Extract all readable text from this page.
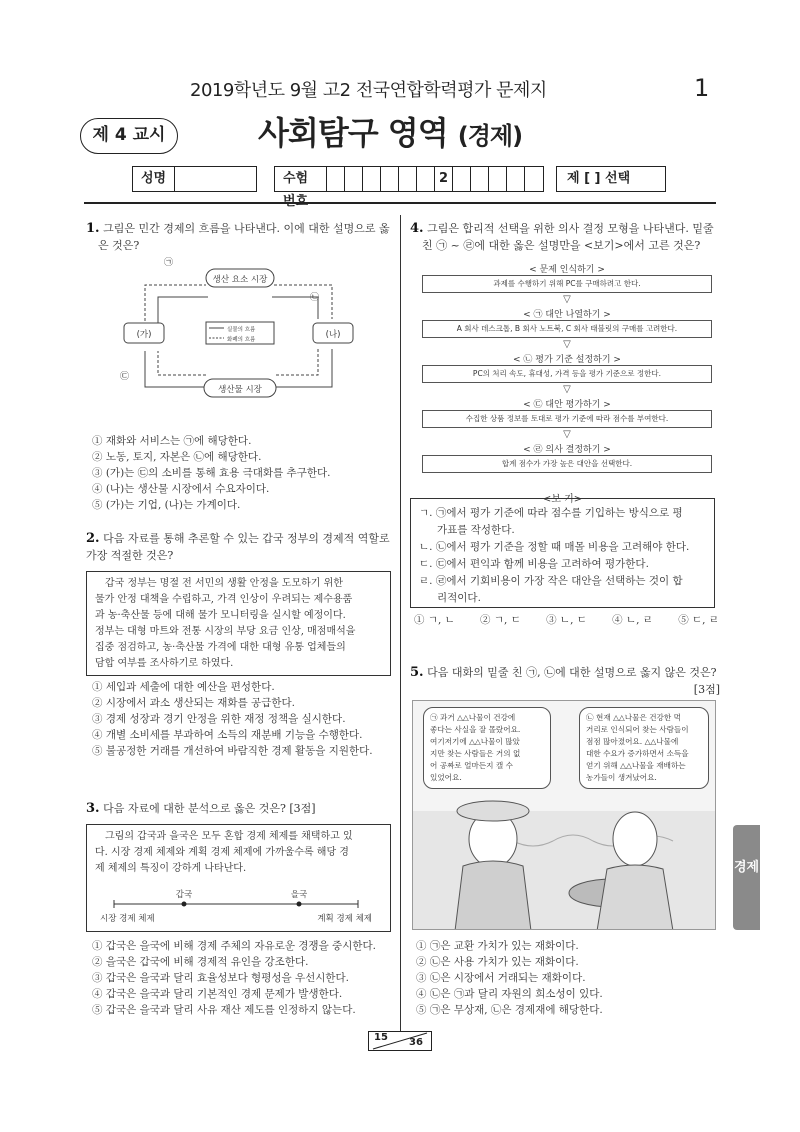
2019학년도 9월 고2 전국연합학력평가 문제지	1
제 4 교시	사회탐구 영역 (경제)
성명	수험	2	제 [ ] 선택
1. 그림은 민간 경제의 흐름을 나타낸다. 이에 대한 설명으로 옳
은 것은?
생산 요소 시장
생산물 시장
(가)	(나)
㉠
㉡
㉢
실물의 흐름
화폐의 흐름
① 재화와 서비스는 ㉠에 해당한다.
② 노동, 토지, 자본은 ㉡에 해당한다.
③ (가)는 ㉢의 소비를 통해 효용 극대화를 추구한다.
④ (나)는 생산물 시장에서 수요자이다.
⑤ (가)는 기업, (나)는 가계이다.
2. 다음 자료를 통해 추론할 수 있는 갑국 정부의 경제적 역할로
가장 적절한 것은?
갑국 정부는 명절 전 서민의 생활 안정을 도모하기 위한
물가 안정 대책을 수립하고, 가격 인상이 우려되는 제수용품
과 농·축산물 등에 대해 물가 모니터링을 실시할 예정이다.
정부는 대형 마트와 전통 시장의 부당 요금 인상, 매점매석을
집중 점검하고, 농·축산물 가격에 대한 대형 유통 업체들의
담합 여부를 조사하기로 하였다.
① 세입과 세출에 대한 예산을 편성한다.
② 시장에서 과소 생산되는 재화를 공급한다.
③ 경제 성장과 경기 안정을 위한 재정 정책을 실시한다.
④ 개별 소비세를 부과하여 소득의 재분배 기능을 수행한다.
⑤ 불공정한 거래를 개선하여 바람직한 경제 활동을 지원한다.
3. 다음 자료에 대한 분석으로 옳은 것은? [3점]
그림의 갑국과 을국은 모두 혼합 경제 체제를 채택하고 있
다. 시장 경제 체제와 계획 경제 체제에 가까울수록 해당 경
제 체제의 특징이 강하게 나타난다.
갑국	을국
시장 경제 체제	계획 경제 체제
① 갑국은 을국에 비해 경제 주체의 자유로운 경쟁을 중시한다.
② 을국은 갑국에 비해 경제적 유인을 강조한다.
③ 갑국은 을국과 달리 효율성보다 형평성을 우선시한다.
④ 갑국은 을국과 달리 기본적인 경제 문제가 발생한다.
⑤ 갑국은 을국과 달리 사유 재산 제도를 인정하지 않는다.
4. 그림은 합리적 선택을 위한 의사 결정 모형을 나타낸다. 밑줄
친 ㉠ ~ ㉣에 대한 옳은 설명만을 <보기>에서 고른 것은?
< 문제 인식하기 >
과제를 수행하기 위해 PC를 구매하려고 한다.
▽
< ㉠ 대안 나열하기 >
A 회사 데스크톱, B 회사 노트북, C 회사 태블릿의 구매를 고려한다.
▽
< ㉡ 평가 기준 설정하기 >
PC의 처리 속도, 휴대성, 가격 등을 평가 기준으로 정한다.
▽
< ㉢ 대안 평가하기 >
수집한 상품 정보를 토대로 평가 기준에 따라 점수를 부여한다.
▽
< ㉣ 의사 결정하기 >
합계 점수가 가장 높은 대안을 선택한다.
<보 기>
ㄱ. ㉠에서 평가 기준에 따라 점수를 기입하는 방식으로 평
가표를 작성한다.
ㄴ. ㉡에서 평가 기준을 정할 때 매몰 비용을 고려해야 한다.
ㄷ. ㉢에서 편익과 함께 비용을 고려하여 평가한다.
ㄹ. ㉣에서 기회비용이 가장 작은 대안을 선택하는 것이 합
리적이다.
① ㄱ, ㄴ ② ㄱ, ㄷ ③ ㄴ, ㄷ ④ ㄴ, ㄹ ⑤ ㄷ, ㄹ
5. 다음 대화의 밑줄 친 ㉠, ㉡에 대한 설명으로 옳지 않은 것은?
[3점]
㉠ 과거 △△나물이 건강에
좋다는 사실을 잘 몰랐어요.
여기저기에 △△나물이 많았
지만 찾는 사람들은 거의 없
어 공짜로 얼마든지 캘 수
있었어요.
㉡ 현재 △△나물은 건강한 먹
거리로 인식되어 찾는 사람들이
점점 많아졌어요. △△나물에
대한 수요가 증가하면서 소득을
얻기 위해 △△나물을 재배하는
농가들이 생겨났어요.
① ㉠은 교환 가치가 있는 재화이다.
② ㉡은 사용 가치가 있는 재화이다.
③ ㉡은 시장에서 거래되는 재화이다.
④ ㉡은 ㉠과 달리 자원의 희소성이 있다.
⑤ ㉠은 무상재, ㉡은 경제재에 해당한다.
경제
15 36
